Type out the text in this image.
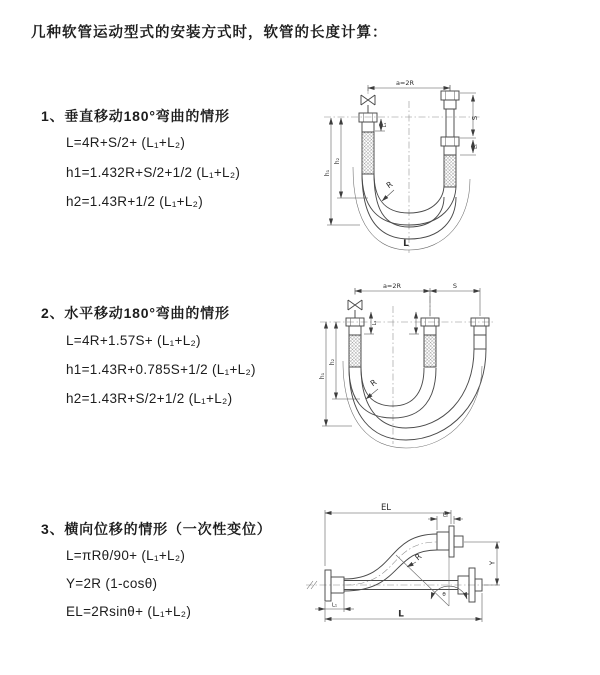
几种软管运动型式的安装方式时，软管的长度计算：
1、垂直移动180°弯曲的情形
L=4R+S/2+ (L₁+L₂)
h1=1.432R+S/2+1/2 (L₁+L₂)
h2=1.43R+1/2 (L₁+L₂)
a=2R
S
L₁
L₁
h₁
h₂
R
L
2、水平移动180°弯曲的情形
L=4R+1.57S+ (L₁+L₂)
h1=1.43R+0.785S+1/2 (L₁+L₂)
h2=1.43R+S/2+1/2 (L₁+L₂)
a=2R	S
L₁
h₁
h₂
R
3、横向位移的情形（一次性变位）
L=πRθ/90+ (L₁+L₂)
Y=2R (1-cosθ)
EL=2Rsinθ+ (L₁+L₂)
θ
R
EL
L₂
Y
L
L₁
